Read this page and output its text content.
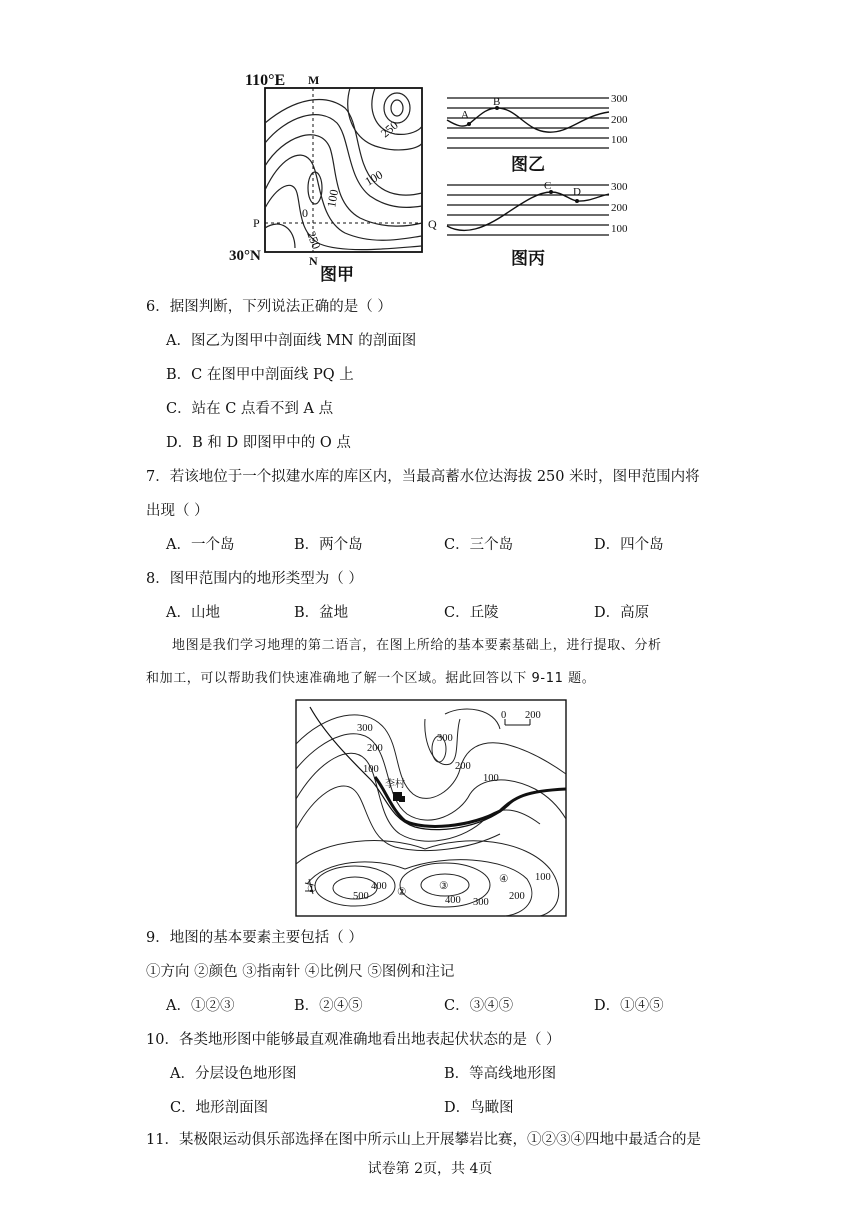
110°E
30°N
M
N
P	Q
250
100
0
100
250
图甲
A
B	300
200
100
图乙
C D	300
200
100
图丙
6．据图判断，下列说法正确的是（ ）
A．图乙为图甲中剖面线 MN 的剖面图
B．C 在图甲中剖面线 PQ 上
C．站在 C 点看不到 A 点
D．B 和 D 即图甲中的 O 点
7．若该地位于一个拟建水库的库区内，当最高蓄水位达海拔 250 米时，图甲范围内将
出现（ ）
A．一个岛	B．两个岛	C．三个岛	D．四个岛
8．图甲范围内的地形类型为（ ）
A．山地	B．盆地	C．丘陵	D．高原
地图是我们学习地理的第二语言，在图上所给的基本要素基础上，进行提取、分析
和加工，可以帮助我们快速准确地了解一个区域。据此回答以下 9-11 题。
0 200
李村
300
200
100
300
200
100
400
500	400 300
200
100
①	②
③
④
9．地图的基本要素主要包括（ ）
①方向 ②颜色 ③指南针 ④比例尺 ⑤图例和注记
A．①②③	B．②④⑤	C．③④⑤	D．①④⑤
10．各类地形图中能够最直观准确地看出地表起伏状态的是（ ）
A．分层设色地形图	B．等高线地形图
C．地形剖面图	D．鸟瞰图
11．某极限运动俱乐部选择在图中所示山上开展攀岩比赛，①②③④四地中最适合的是
试卷第 2页，共 4页
